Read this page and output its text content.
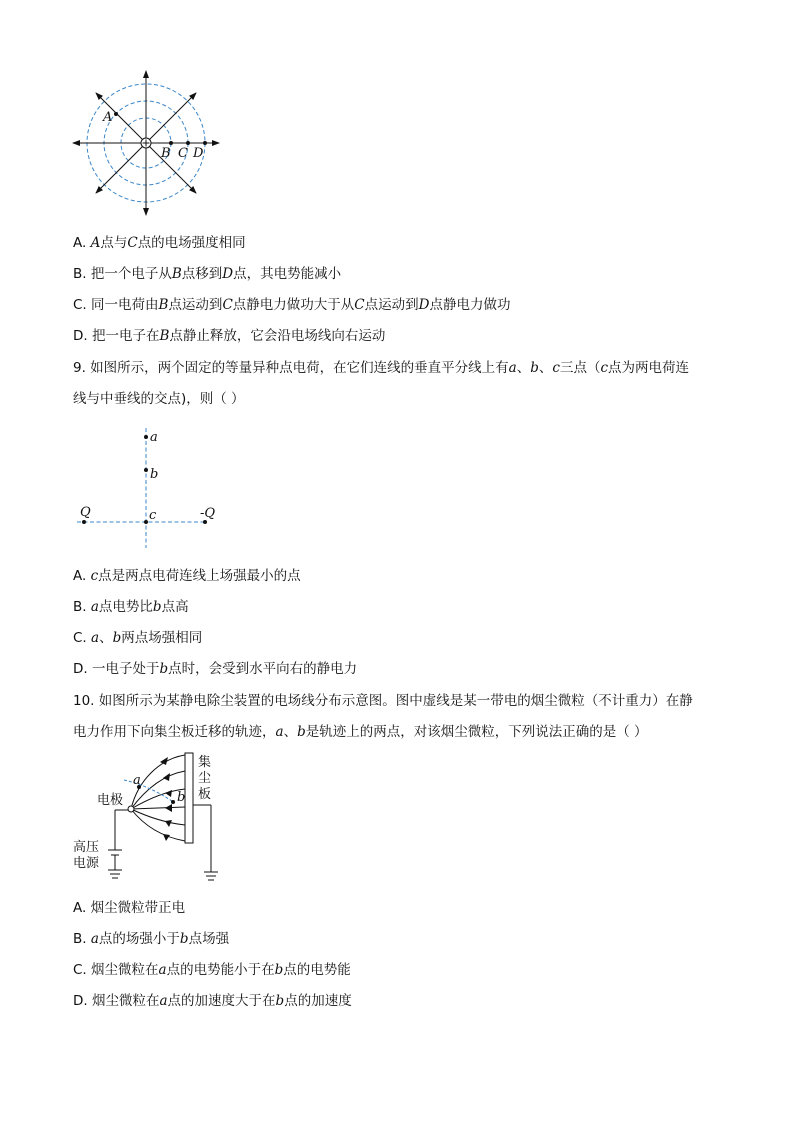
A
B C D
A. A点与C点的电场强度相同
B. 把一个电子从B点移到D点，其电势能减小
C. 同一电荷由B点运动到C点静电力做功大于从C点运动到D点静电力做功
D. 把一电子在B点静止释放，它会沿电场线向右运动
9. 如图所示，两个固定的等量异种点电荷，在它们连线的垂直平分线上有a、b、c三点（c点为两电荷连
线与中垂线的交点)，则（ ）
a
b
c
Q	-Q
A. c点是两点电荷连线上场强最小的点
B. a点电势比b点高
C. a、b两点场强相同
D. 一电子处于b点时，会受到水平向右的静电力
10. 如图所示为某静电除尘装置的电场线分布示意图。图中虚线是某一带电的烟尘微粒（不计重力）在静
电力作用下向集尘板迁移的轨迹，a、b是轨迹上的两点，对该烟尘微粒，下列说法正确的是（ ）
a
b
电极
集
尘
板
高压
电源
A. 烟尘微粒带正电
B. a点的场强小于b点场强
C. 烟尘微粒在a点的电势能小于在b点的电势能
D. 烟尘微粒在a点的加速度大于在b点的加速度
